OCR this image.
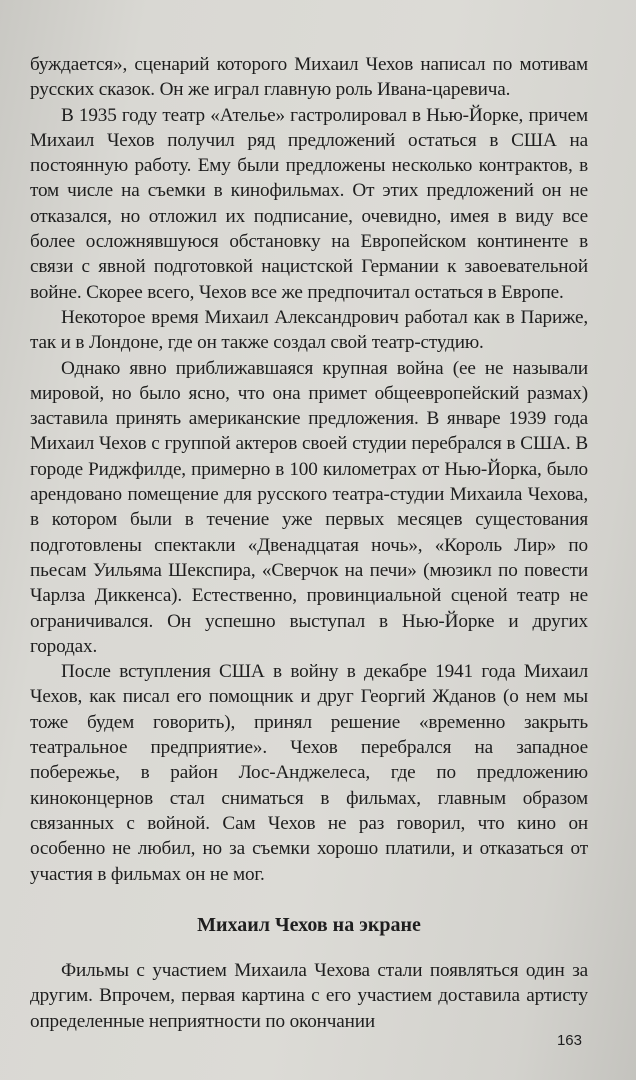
буждается», сценарий которого Михаил Чехов написал по мотивам русских сказок. Он же играл главную роль Ивана-царевича.

В 1935 году театр «Ателье» гастролировал в Нью-Йорке, причем Михаил Чехов получил ряд предложений остаться в США на постоянную работу. Ему были предложены несколько контрактов, в том числе на съемки в кинофильмах. От этих предложений он не отказался, но отложил их подписание, очевидно, имея в виду все более осложнявшуюся обстановку на Европейском континенте в связи с явной подготовкой нацистской Германии к завоевательной войне. Скорее всего, Чехов все же предпочитал остаться в Европе.

Некоторое время Михаил Александрович работал как в Париже, так и в Лондоне, где он также создал свой театр-студию.

Однако явно приближавшаяся крупная война (ее не называли мировой, но было ясно, что она примет общеевропейский размах) заставила принять американские предложения. В январе 1939 года Михаил Чехов с группой актеров своей студии перебрался в США. В городе Риджфилде, примерно в 100 километрах от Нью-Йорка, было арендовано помещение для русского театра-студии Михаила Чехова, в котором были в течение уже первых месяцев сущестования подготовлены спектакли «Двенадцатая ночь», «Король Лир» по пьесам Уильяма Шекспира, «Сверчок на печи» (мюзикл по повести Чарлза Диккенса). Естественно, провинциальной сценой театр не ограничивался. Он успешно выступал в Нью-Йорке и других городах.

После вступления США в войну в декабре 1941 года Михаил Чехов, как писал его помощник и друг Георгий Жданов (о нем мы тоже будем говорить), принял решение «временно закрыть театральное предприятие». Чехов перебрался на западное побережье, в район Лос-Анджелеса, где по предложению киноконцернов стал сниматься в фильмах, главным образом связанных с войной. Сам Чехов не раз говорил, что кино он особенно не любил, но за съемки хорошо платили, и отказаться от участия в фильмах он не мог.

Михаил Чехов на экране

Фильмы с участием Михаила Чехова стали появляться один за другим. Впрочем, первая картина с его участием доставила артисту определенные неприятности по окончании

163
